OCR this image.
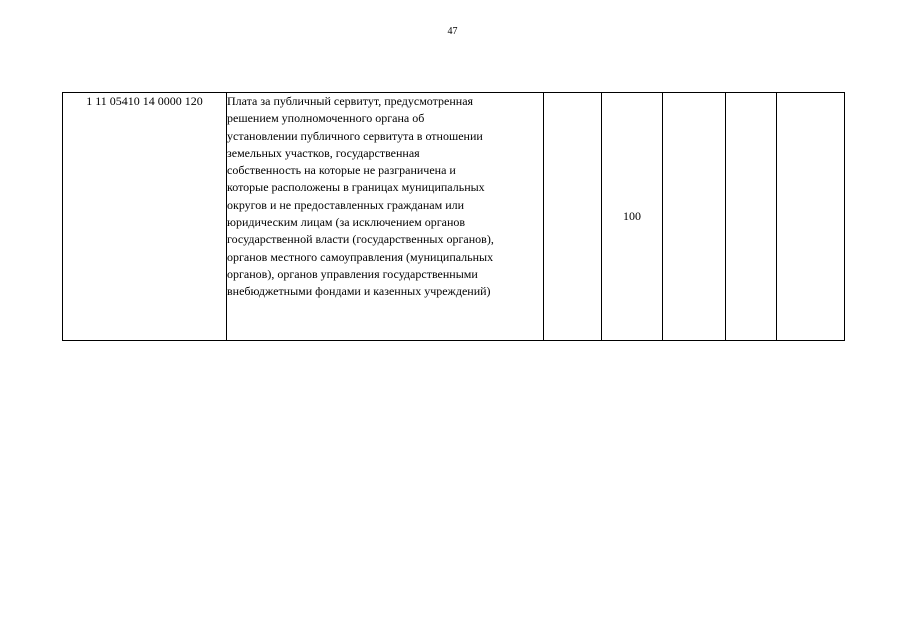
47
1 11 05410 14 0000 120	Плата за публичный сервитут, предусмотренная
решением уполномоченного органа об
установлении публичного сервитута в отношении
земельных участков, государственная
собственность на которые не разграничена и
которые расположены в границах муниципальных
округов и не предоставленных гражданам или
юридическим лицам (за исключением органов
государственной власти (государственных органов),
органов местного самоуправления (муниципальных
органов), органов управления государственными
внебюджетными фондами и казенных учреждений)
		100			
